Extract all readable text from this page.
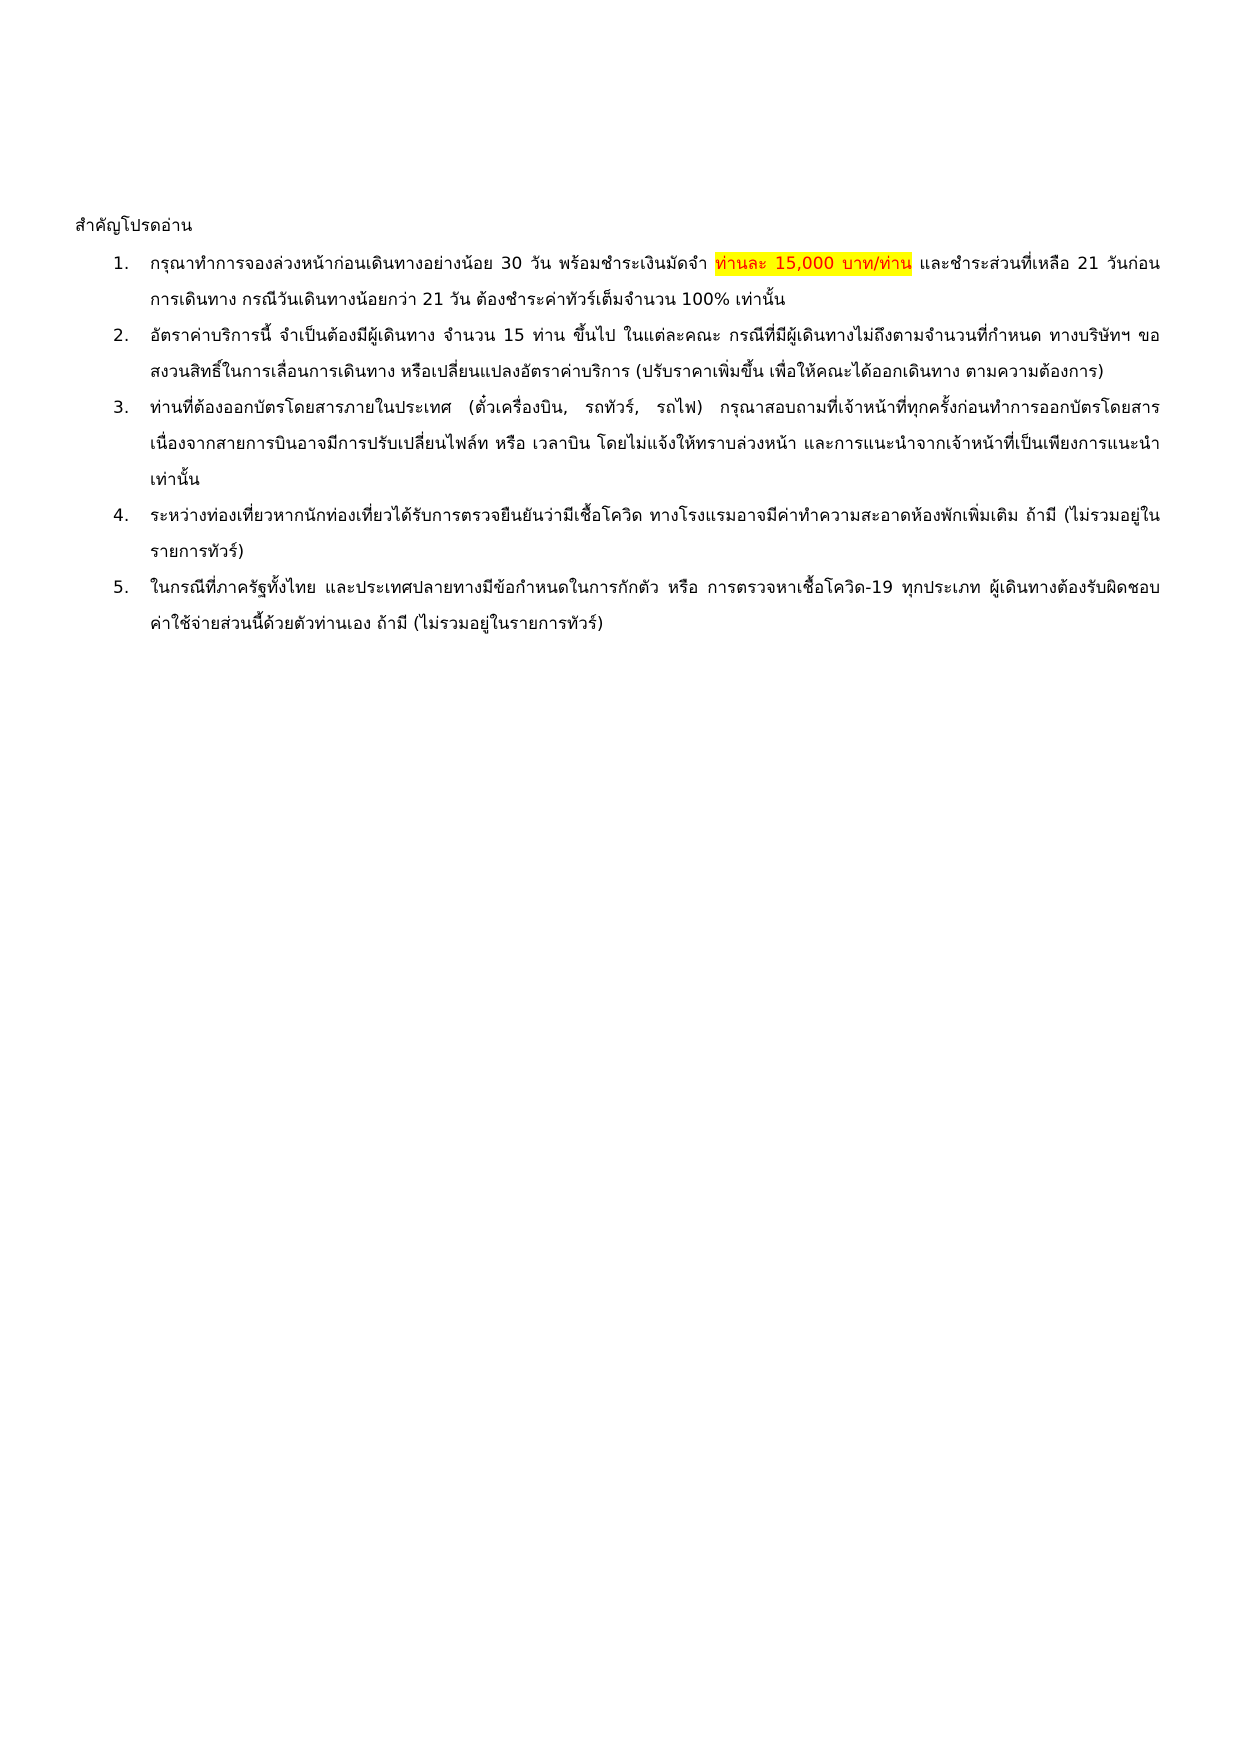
สำคัญโปรดอ่าน
1.	กรุณาทำการจองล่วงหน้าก่อนเดินทางอย่างน้อย 30 วัน พร้อมชำระเงินมัดจำ ท่านละ 15,000 บาท/ท่าน และชำระส่วนที่เหลือ 21 วันก่อนการเดินทาง กรณีวันเดินทางน้อยกว่า 21 วัน ต้องชำระค่าทัวร์เต็มจำนวน 100% เท่านั้น
2.	อัตราค่าบริการนี้ จำเป็นต้องมีผู้เดินทาง จำนวน 15 ท่าน ขึ้นไป ในแต่ละคณะ กรณีที่มีผู้เดินทางไม่ถึงตามจำนวนที่กำหนด ทางบริษัทฯ ขอสงวนสิทธิ์ในการเลื่อนการเดินทาง หรือเปลี่ยนแปลงอัตราค่าบริการ (ปรับราคาเพิ่มขึ้น เพื่อให้คณะได้ออกเดินทาง ตามความต้องการ)
3.	ท่านที่ต้องออกบัตรโดยสารภายในประเทศ (ตั๋วเครื่องบิน, รถทัวร์, รถไฟ) กรุณาสอบถามที่เจ้าหน้าที่ทุกครั้งก่อนทำการออกบัตรโดยสาร เนื่องจากสายการบินอาจมีการปรับเปลี่ยนไฟล์ท หรือ เวลาบิน โดยไม่แจ้งให้ทราบล่วงหน้า และการแนะนำจากเจ้าหน้าที่เป็นเพียงการแนะนำเท่านั้น
4.	ระหว่างท่องเที่ยวหากนักท่องเที่ยวได้รับการตรวจยืนยันว่ามีเชื้อโควิด ทางโรงแรมอาจมีค่าทำความสะอาดห้องพักเพิ่มเติม ถ้ามี (ไม่รวมอยู่ในรายการทัวร์)
5.	ในกรณีที่ภาครัฐทั้งไทย และประเทศปลายทางมีข้อกำหนดในการกักตัว หรือ การตรวจหาเชื้อโควิด-19 ทุกประเภท ผู้เดินทางต้องรับผิดชอบค่าใช้จ่ายส่วนนี้ด้วยตัวท่านเอง ถ้ามี (ไม่รวมอยู่ในรายการทัวร์)
